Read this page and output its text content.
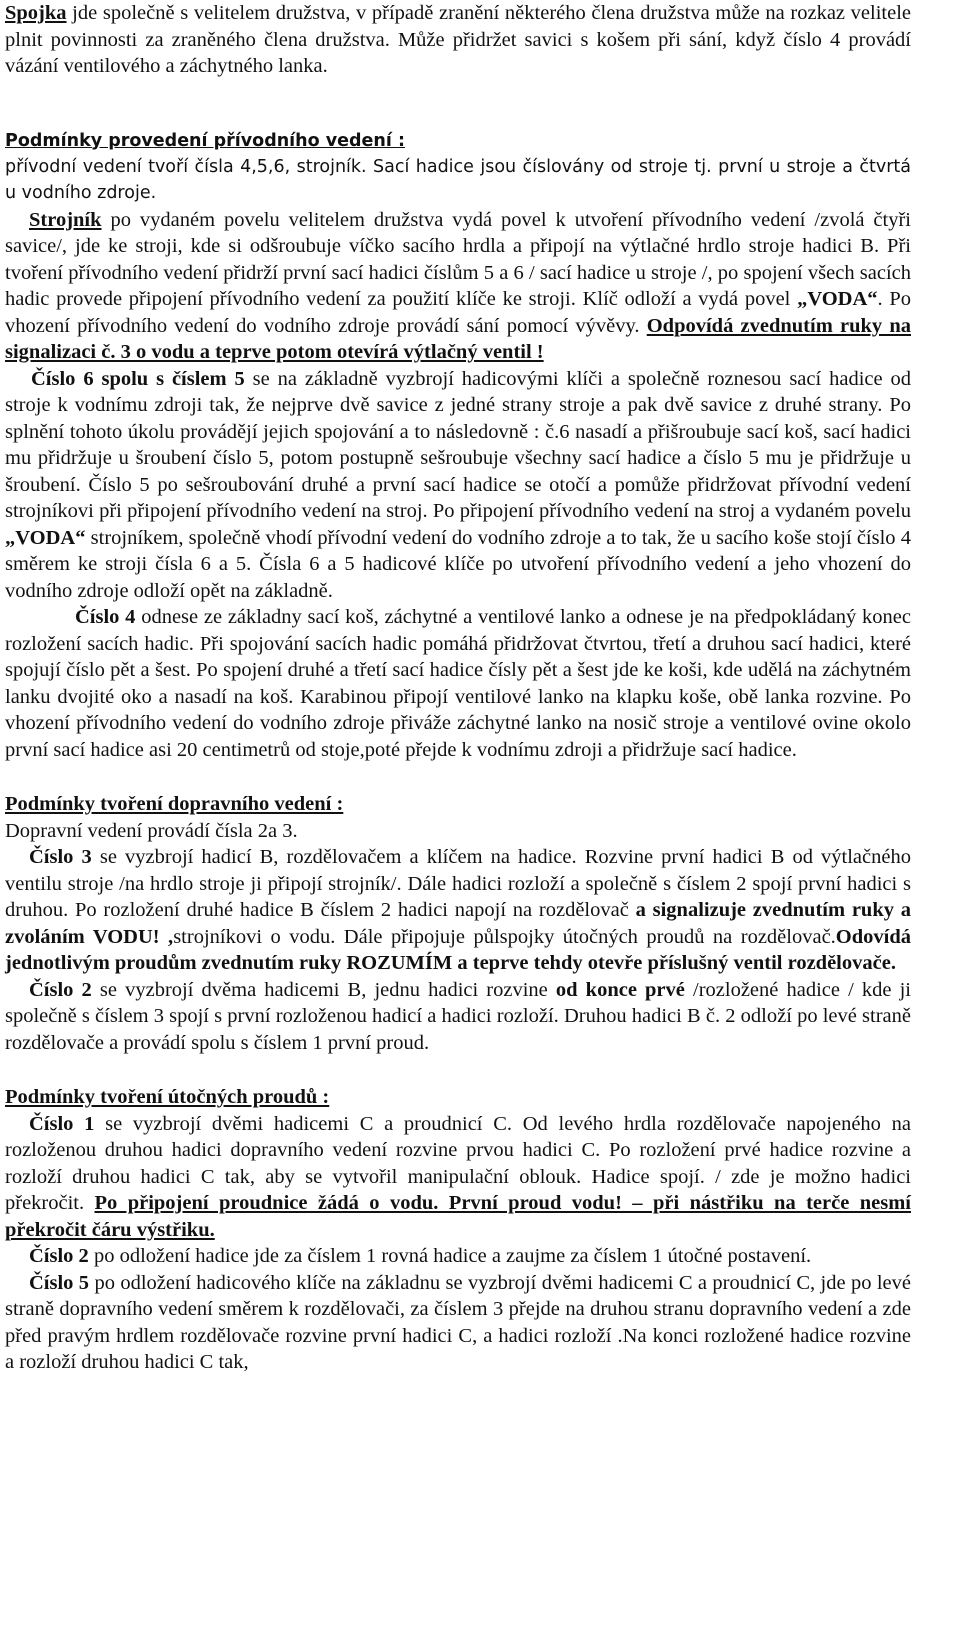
Spojka jde společně s velitelem družstva, v případě zranění některého člena družstva může na rozkaz velitele plnit povinnosti za zraněného člena družstva. Může přidržet savici s košem při sání, když číslo 4 provádí vázání ventilového a záchytného lanka.

Podmínky provedení přívodního vedení :

přívodní vedení tvoří čísla 4,5,6, strojník. Sací hadice jsou číslovány od stroje tj. první u stroje a čtvrtá u vodního zdroje.

Strojník po vydaném povelu velitelem družstva vydá povel k utvoření přívodního vedení /zvolá čtyři savice/, jde ke stroji, kde si odšroubuje víčko sacího hrdla a připojí na výtlačné hrdlo stroje hadici B. Při tvoření přívodního vedení přidrží první sací hadici číslům 5 a 6 / sací hadice u stroje /, po spojení všech sacích hadic provede připojení přívodního vedení za použití klíče ke stroji. Klíč odloží a vydá povel „VODA“. Po vhození přívodního vedení do vodního zdroje provádí sání pomocí vývěvy. Odpovídá zvednutím ruky na signalizaci č. 3 o vodu a teprve potom otevírá výtlačný ventil !

Číslo 6 spolu s číslem 5 se na základně vyzbrojí hadicovými klíči a společně roznesou sací hadice od stroje k vodnímu zdroji tak, že nejprve dvě savice z jedné strany stroje a pak dvě savice z druhé strany. Po splnění tohoto úkolu provádějí jejich spojování a to následovně : č.6 nasadí a přišroubuje sací koš, sací hadici mu přidržuje u šroubení číslo 5, potom postupně sešroubuje všechny sací hadice a číslo 5 mu je přidržuje u šroubení. Číslo 5 po sešroubování druhé a první sací hadice se otočí a pomůže přidržovat přívodní vedení strojníkovi při připojení přívodního vedení na stroj. Po připojení přívodního vedení na stroj a vydaném povelu „VODA“ strojníkem, společně vhodí přívodní vedení do vodního zdroje a to tak, že u sacího koše stojí číslo 4 směrem ke stroji čísla 6 a 5. Čísla 6 a 5 hadicové klíče po utvoření přívodního vedení a jeho vhození do vodního zdroje odloží opět na základně.

Číslo 4 odnese ze základny sací koš, záchytné a ventilové lanko a odnese je na předpokládaný konec rozložení sacích hadic. Při spojování sacích hadic pomáhá přidržovat čtvrtou, třetí a druhou sací hadici, které spojují číslo pět a šest. Po spojení druhé a třetí sací hadice čísly pět a šest jde ke koši, kde udělá na záchytném lanku dvojité oko a nasadí na koš. Karabinou připojí ventilové lanko na klapku koše, obě lanka rozvine. Po vhození přívodního vedení do vodního zdroje přiváže záchytné lanko na nosič stroje a ventilové ovine okolo první sací hadice asi 20 centimetrů od stoje,poté přejde k vodnímu zdroji a přidržuje sací hadice.

Podmínky tvoření dopravního vedení :

Dopravní vedení provádí čísla 2a 3.

Číslo 3 se vyzbrojí hadicí B, rozdělovačem a klíčem na hadice. Rozvine první hadici B od výtlačného ventilu stroje /na hrdlo stroje ji připojí strojník/. Dále hadici rozloží a společně s číslem 2 spojí první hadici s druhou. Po rozložení druhé hadice B číslem 2 hadici napojí na rozdělovač a signalizuje zvednutím ruky a zvoláním VODU! ,strojníkovi o vodu. Dále připojuje půlspojky útočných proudů na rozdělovač.Odovídá jednotlivým proudům zvednutím ruky ROZUMÍM a teprve tehdy otevře příslušný ventil rozdělovače.

Číslo 2 se vyzbrojí dvěma hadicemi B, jednu hadici rozvine od konce prvé /rozložené hadice / kde ji společně s číslem 3 spojí s první rozloženou hadicí a hadici rozloží. Druhou hadici B č. 2 odloží po levé straně rozdělovače a provádí spolu s číslem 1 první proud.

Podmínky tvoření útočných proudů :

Číslo 1 se vyzbrojí dvěmi hadicemi C a proudnicí C. Od levého hrdla rozdělovače napojeného na rozloženou druhou hadici dopravního vedení rozvine prvou hadici C. Po rozložení prvé hadice rozvine a rozloží druhou hadici C tak, aby se vytvořil manipulační oblouk. Hadice spojí. / zde je možno hadici překročit. Po připojení proudnice žádá o vodu. První proud vodu! – při nástřiku na terče nesmí překročit čáru výstřiku.

Číslo 2 po odložení hadice jde za číslem 1 rovná hadice a zaujme za číslem 1 útočné postavení.

Číslo 5 po odložení hadicového klíče na základnu se vyzbrojí dvěmi hadicemi C a proudnicí C, jde po levé straně dopravního vedení směrem k rozdělovači, za číslem 3 přejde na druhou stranu dopravního vedení a zde před pravým hrdlem rozdělovače rozvine první hadici C, a hadici rozloží .Na konci rozložené hadice rozvine a rozloží druhou hadici C tak,
